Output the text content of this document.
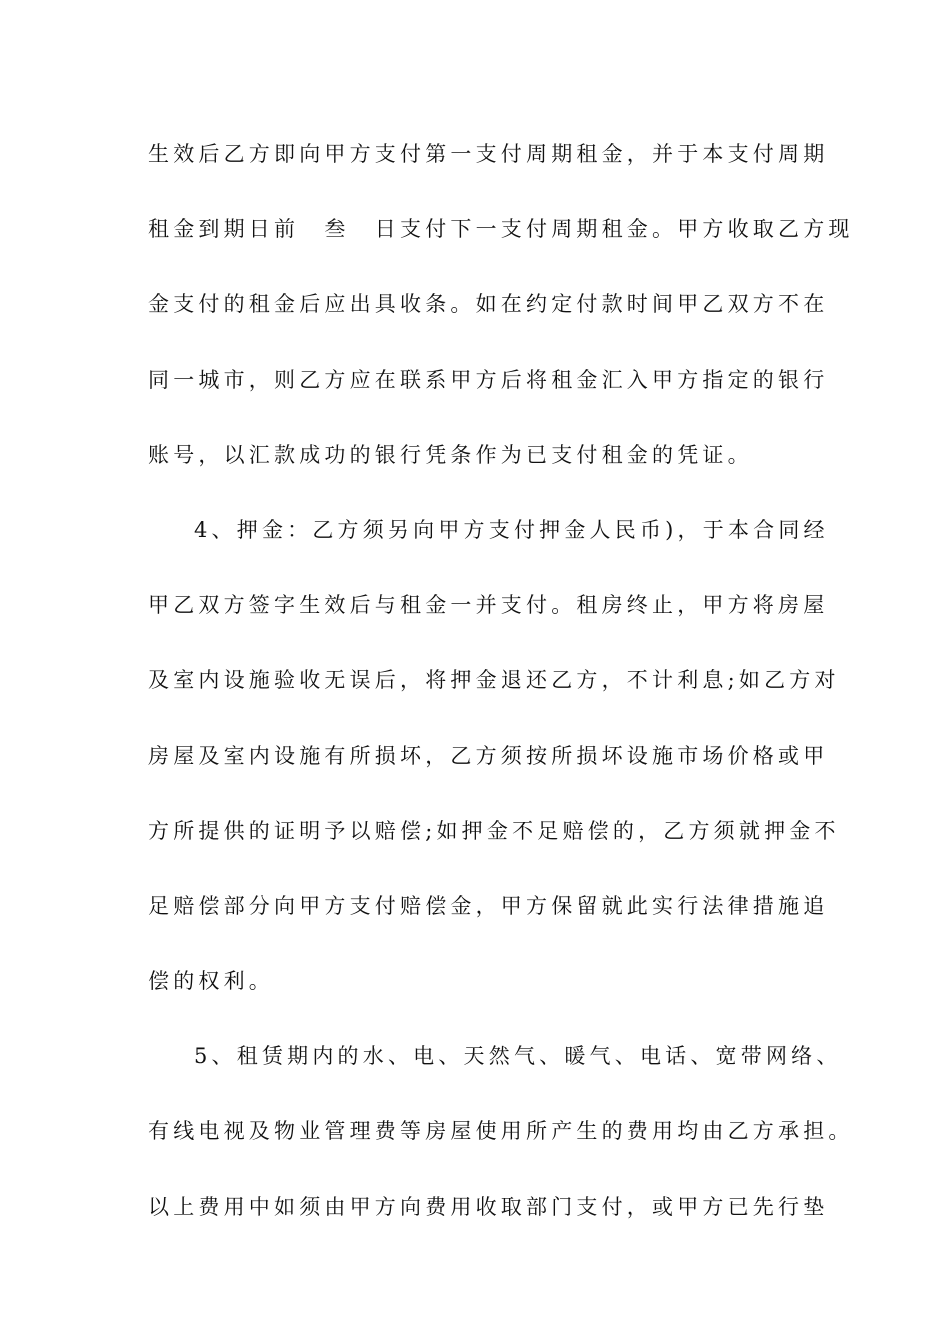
生效后乙方即向甲方支付第一支付周期租金，并于本支付周期
租金到期日前　叁　日支付下一支付周期租金。甲方收取乙方现
金支付的租金后应出具收条。如在约定付款时间甲乙双方不在
同一城市，则乙方应在联系甲方后将租金汇入甲方指定的银行
账号，以汇款成功的银行凭条作为已支付租金的凭证。
4、押金：乙方须另向甲方支付押金人民币)，于本合同经
甲乙双方签字生效后与租金一并支付。租房终止，甲方将房屋
及室内设施验收无误后，将押金退还乙方，不计利息;如乙方对
房屋及室内设施有所损坏，乙方须按所损坏设施市场价格或甲
方所提供的证明予以赔偿;如押金不足赔偿的，乙方须就押金不
足赔偿部分向甲方支付赔偿金，甲方保留就此实行法律措施追
偿的权利。
5、租赁期内的水、电、天然气、暖气、电话、宽带网络、
有线电视及物业管理费等房屋使用所产生的费用均由乙方承担。
以上费用中如须由甲方向费用收取部门支付，或甲方已先行垫
